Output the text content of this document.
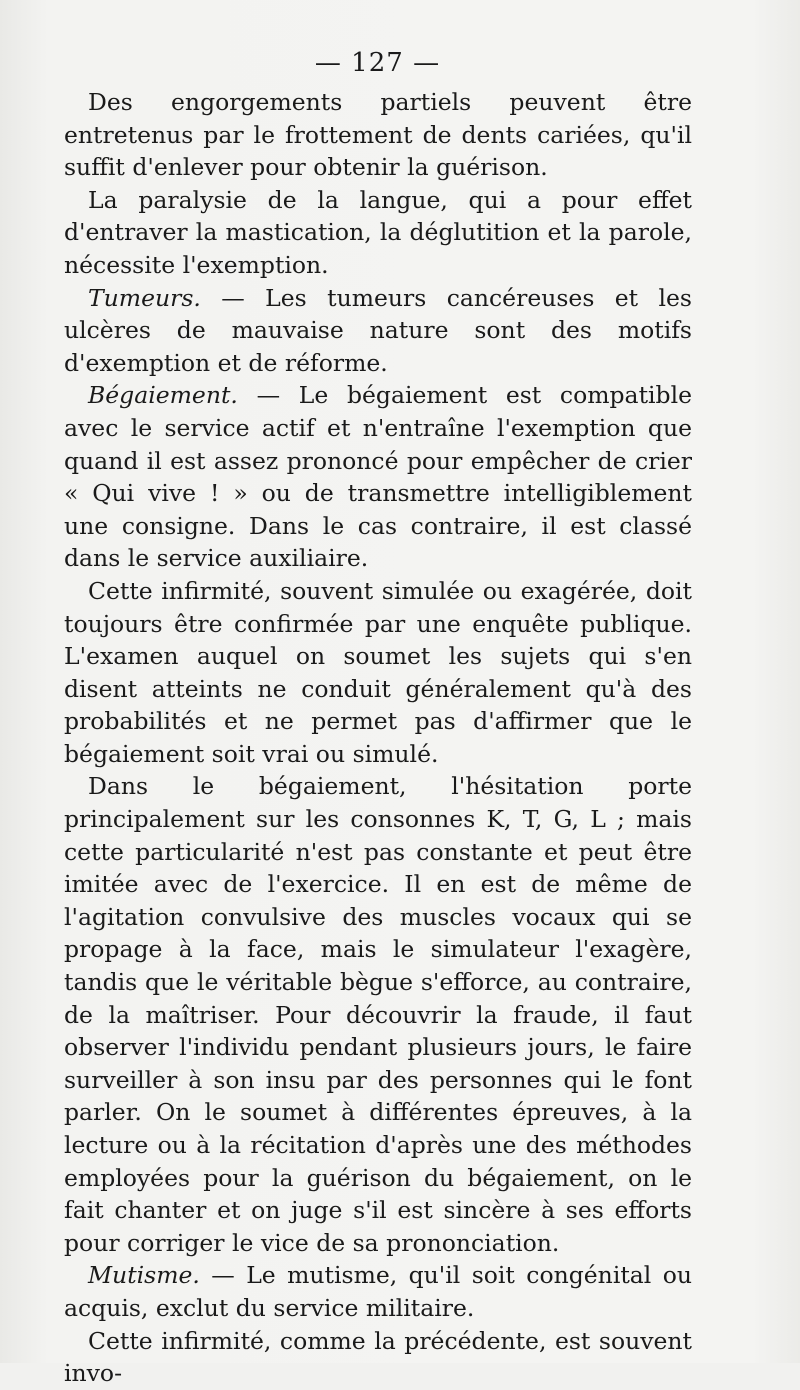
— 127 —

Des engorgements partiels peuvent être entretenus par le frottement de dents cariées, qu'il suffit d'enlever pour obtenir la guérison.

La paralysie de la langue, qui a pour effet d'entraver la mastication, la déglutition et la parole, nécessite l'exemption.

Tumeurs. — Les tumeurs cancéreuses et les ulcères de mauvaise nature sont des motifs d'exemption et de réforme.

Bégaiement. — Le bégaiement est compatible avec le service actif et n'entraîne l'exemption que quand il est assez prononcé pour empêcher de crier « Qui vive ! » ou de transmettre intelligiblement une consigne. Dans le cas contraire, il est classé dans le service auxiliaire.

Cette infirmité, souvent simulée ou exagérée, doit toujours être confirmée par une enquête publique. L'examen auquel on soumet les sujets qui s'en disent atteints ne conduit généralement qu'à des probabilités et ne permet pas d'affirmer que le bégaiement soit vrai ou simulé.

Dans le bégaiement, l'hésitation porte principalement sur les consonnes K, T, G, L ; mais cette particularité n'est pas constante et peut être imitée avec de l'exercice. Il en est de même de l'agitation convulsive des muscles vocaux qui se propage à la face, mais le simulateur l'exagère, tandis que le véritable bègue s'efforce, au contraire, de la maîtriser. Pour découvrir la fraude, il faut observer l'individu pendant plusieurs jours, le faire surveiller à son insu par des personnes qui le font parler. On le soumet à différentes épreuves, à la lecture ou à la récitation d'après une des méthodes employées pour la guérison du bégaiement, on le fait chanter et on juge s'il est sincère à ses efforts pour corriger le vice de sa prononciation.

Mutisme. — Le mutisme, qu'il soit congénital ou acquis, exclut du service militaire.

Cette infirmité, comme la précédente, est souvent invo-
